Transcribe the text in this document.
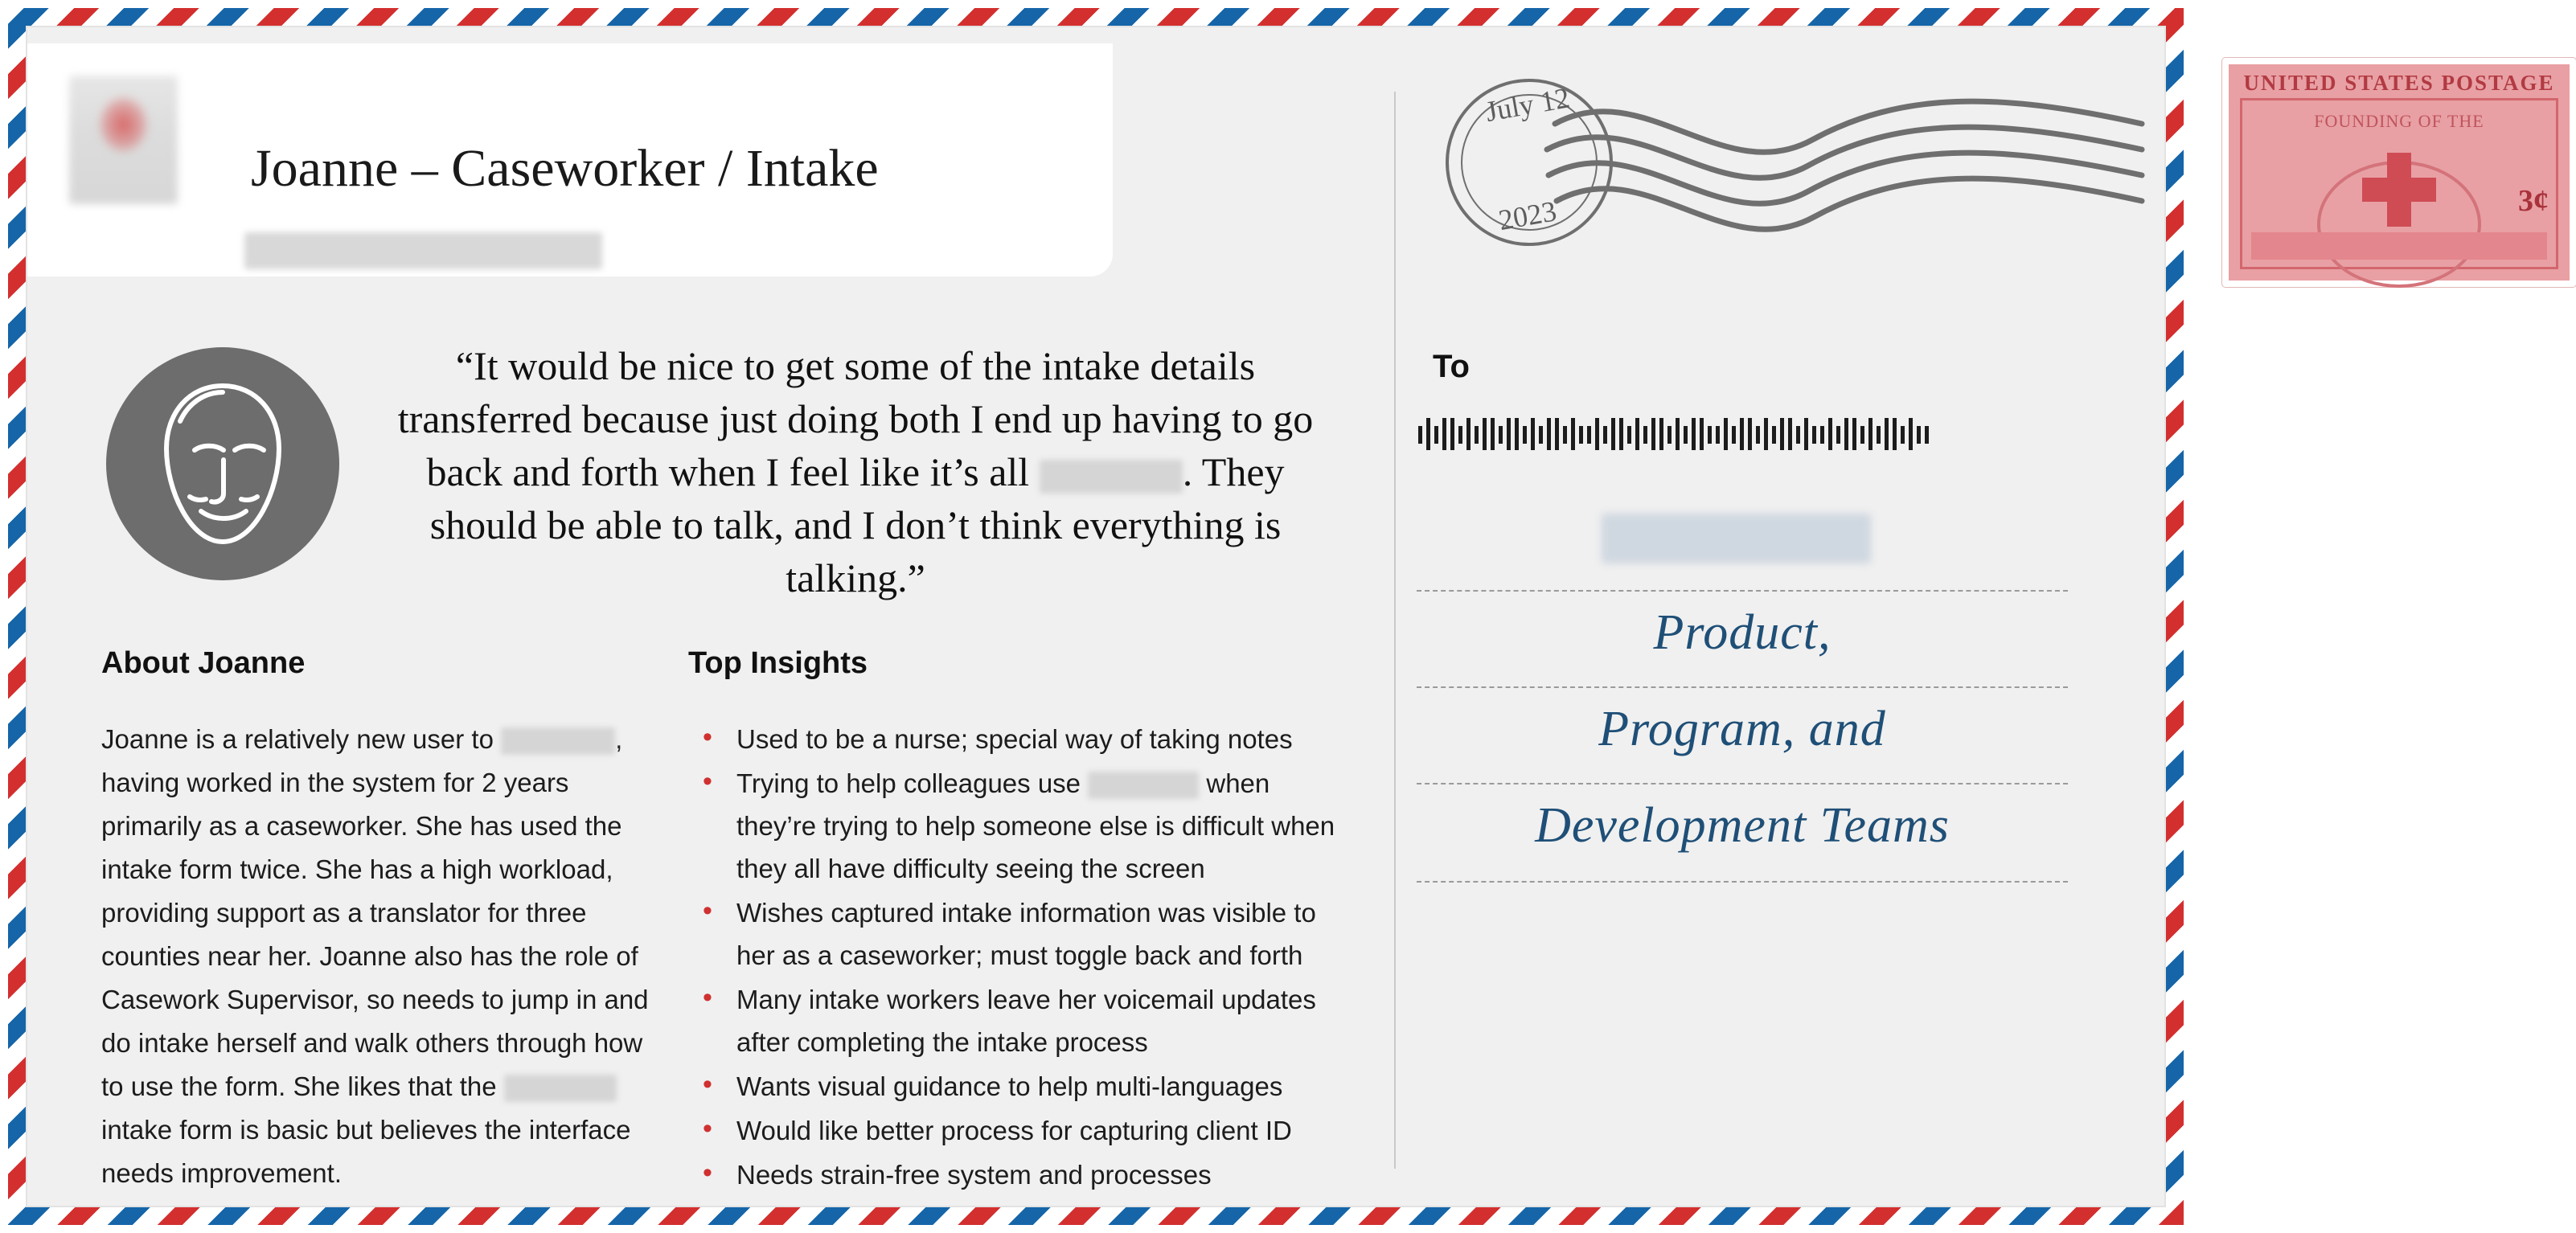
Joanne – Caseworker / Intake
“It would be nice to get some of the intake details transferred because just doing both I end up having to go back and forth when I feel like it’s all	. They should be able to talk, and I don’t think everything is talking.”
About Joanne

Joanne is a relatively new user to	, having worked in the system for 2 years primarily as a caseworker. She has used the intake form twice. She has a high workload, providing support as a translator for three counties near her. Joanne also has the role of Casework Supervisor, so needs to jump in and do intake herself and walk others through how to use the form. She likes that the  intake form is basic but believes the interface needs improvement.

Top Insights
• Used to be a nurse; special way of taking notes
• Trying to help colleagues use	when they’re trying to help someone else is difficult when they all have difficulty seeing the screen
• Wishes captured intake information was visible to her as a caseworker; must toggle back and forth
• Many intake workers leave her voicemail updates after completing the intake process
• Wants visual guidance to help multi-languages
• Would like better process for capturing client ID
• Needs strain-free system and processes
July 12
2023
UNITED STATES POSTAGE
FOUNDING OF THE
3¢
To
Product,
Program, and
Development Teams
